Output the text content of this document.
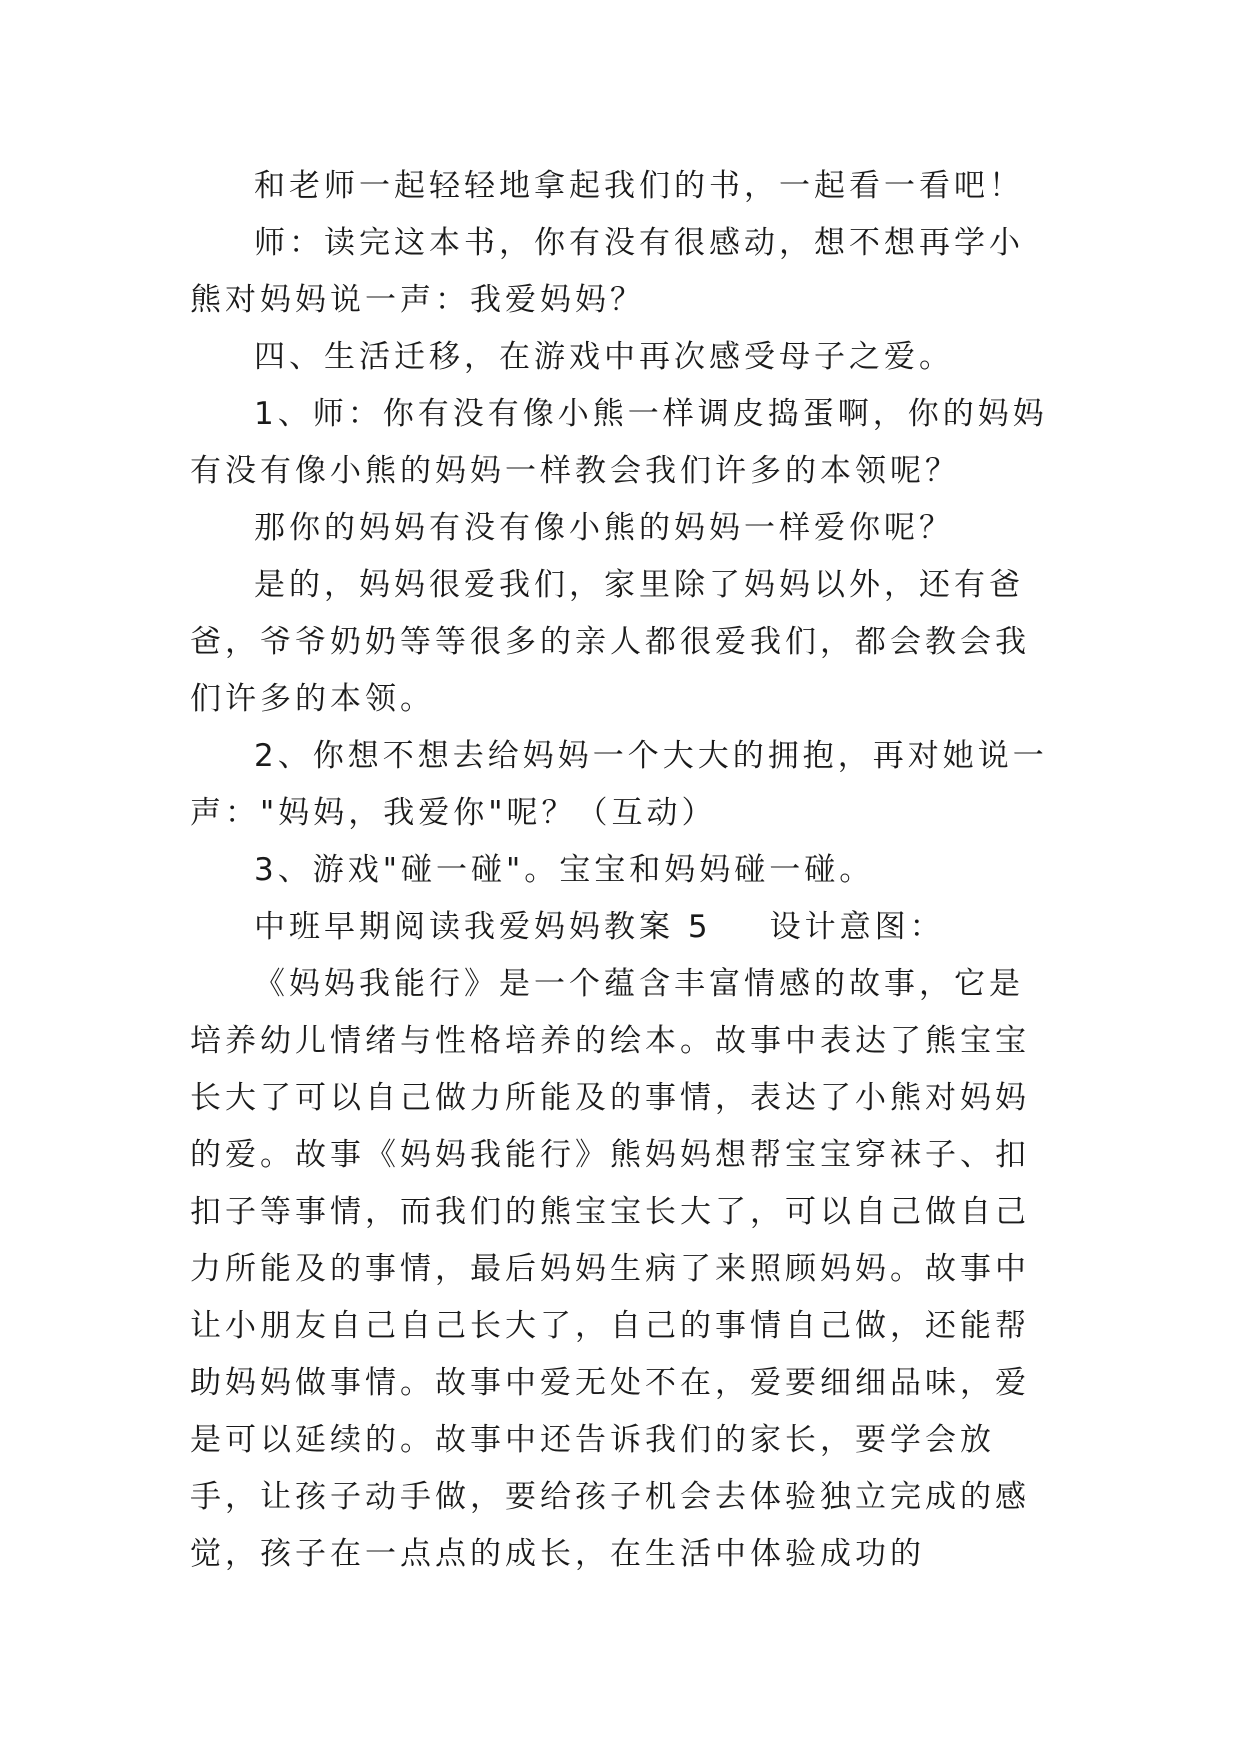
和老师一起轻轻地拿起我们的书，一起看一看吧！

师：读完这本书，你有没有很感动，想不想再学小熊对妈妈说一声：我爱妈妈？

四、生活迁移，在游戏中再次感受母子之爱。

1、师：你有没有像小熊一样调皮捣蛋啊，你的妈妈有没有像小熊的妈妈一样教会我们许多的本领呢？

那你的妈妈有没有像小熊的妈妈一样爱你呢？

是的，妈妈很爱我们，家里除了妈妈以外，还有爸爸，爷爷奶奶等等很多的亲人都很爱我们，都会教会我们许多的本领。

2、你想不想去给妈妈一个大大的拥抱，再对她说一声："妈妈，我爱你"呢？（互动）

3、游戏"碰一碰"。宝宝和妈妈碰一碰。

中班早期阅读我爱妈妈教案 5 设计意图：

《妈妈我能行》是一个蕴含丰富情感的故事，它是培养幼儿情绪与性格培养的绘本。故事中表达了熊宝宝长大了可以自己做力所能及的事情，表达了小熊对妈妈的爱。故事《妈妈我能行》熊妈妈想帮宝宝穿袜子、扣扣子等事情，而我们的熊宝宝长大了，可以自己做自己力所能及的事情，最后妈妈生病了来照顾妈妈。故事中让小朋友自己自己长大了，自己的事情自己做，还能帮助妈妈做事情。故事中爱无处不在，爱要细细品味，爱是可以延续的。故事中还告诉我们的家长，要学会放手，让孩子动手做，要给孩子机会去体验独立完成的感觉，孩子在一点点的成长，在生活中体验成功的
